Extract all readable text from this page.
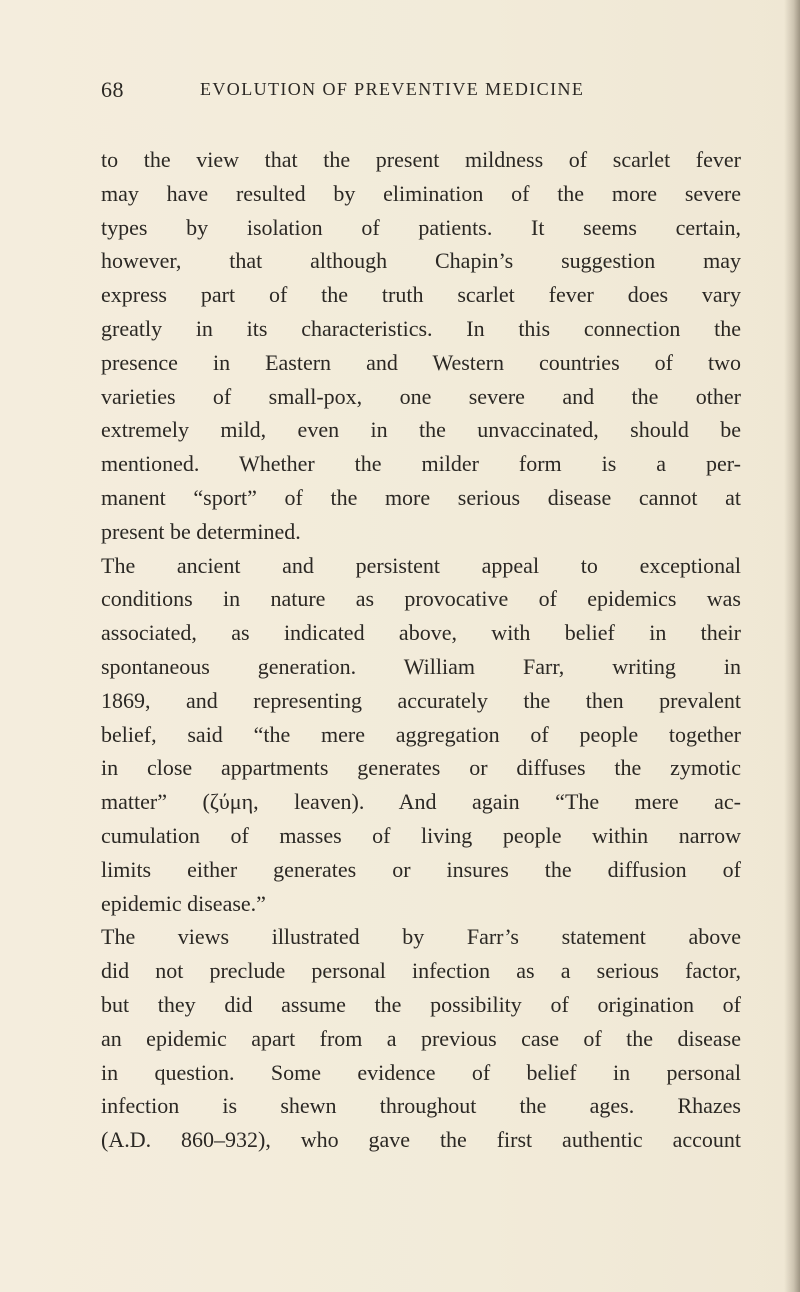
68	EVOLUTION OF PREVENTIVE MEDICINE
to the view that the present mildness of scarlet fever
may have resulted by elimination of the more severe
types by isolation of patients. It seems certain,
however, that although Chapin’s suggestion may
express part of the truth scarlet fever does vary
greatly in its characteristics. In this connection the
presence in Eastern and Western countries of two
varieties of small-pox, one severe and the other
extremely mild, even in the unvaccinated, should be
mentioned. Whether the milder form is a per-
manent “sport” of the more serious disease cannot at
present be determined.
The ancient and persistent appeal to exceptional
conditions in nature as provocative of epidemics was
associated, as indicated above, with belief in their
spontaneous generation. William Farr, writing in
1869, and representing accurately the then prevalent
belief, said “the mere aggregation of people together
in close appartments generates or diffuses the zymotic
matter” (ζύμη, leaven). And again “The mere ac-
cumulation of masses of living people within narrow
limits either generates or insures the diffusion of
epidemic disease.”
The views illustrated by Farr’s statement above
did not preclude personal infection as a serious factor,
but they did assume the possibility of origination of
an epidemic apart from a previous case of the disease
in question. Some evidence of belief in personal
infection is shewn throughout the ages. Rhazes
(A.D. 860–932), who gave the first authentic account
